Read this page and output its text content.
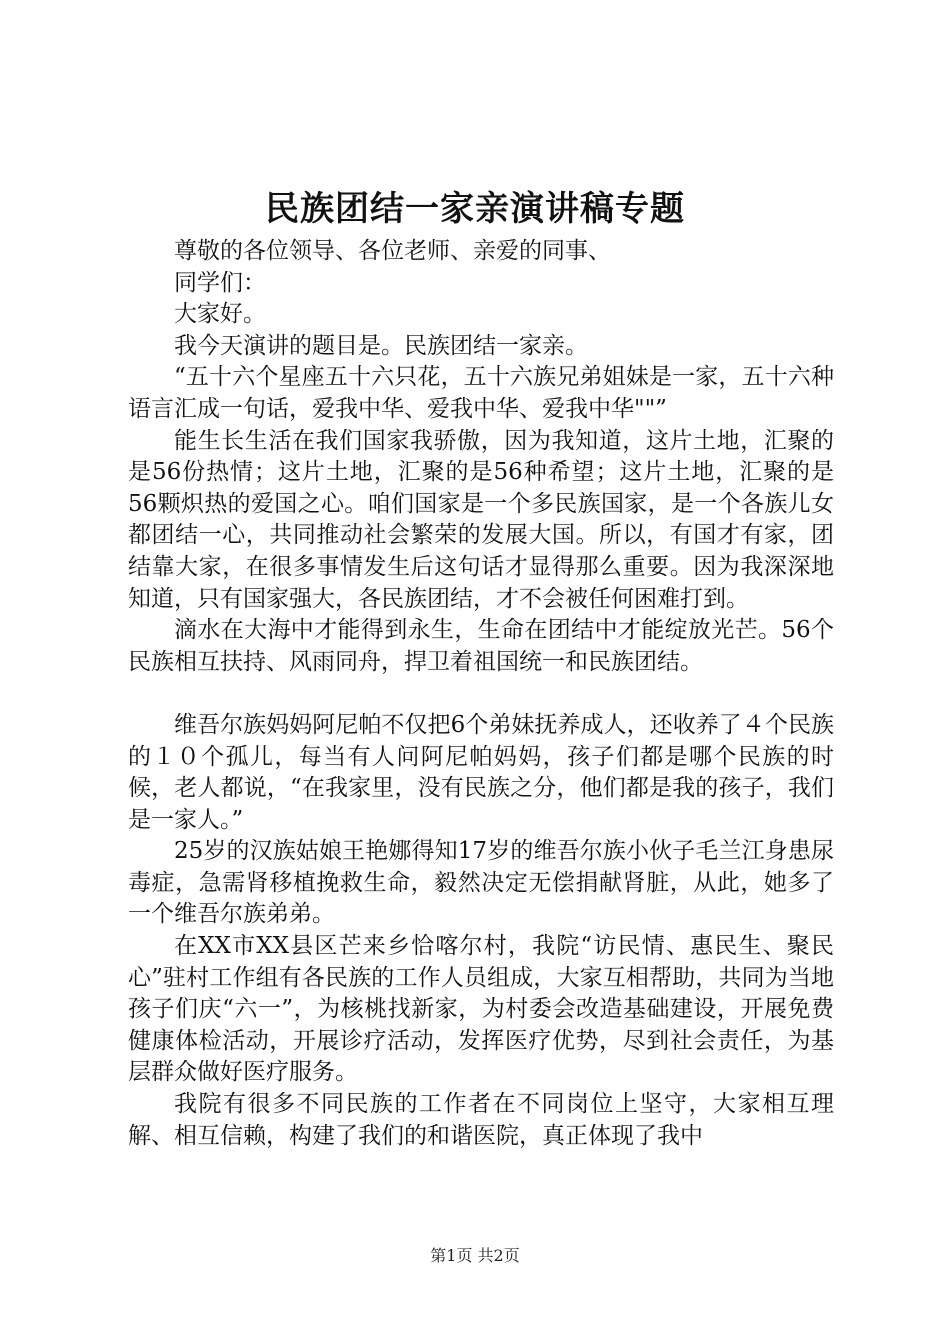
民族团结一家亲演讲稿专题

尊敬的各位领导、各位老师、亲爱的同事、

同学们：

大家好。

我今天演讲的题目是。民族团结一家亲。

“五十六个星座五十六只花，五十六族兄弟姐妹是一家，五十六种语言汇成一句话，爱我中华、爱我中华、爱我中华""”

能生长生活在我们国家我骄傲，因为我知道，这片土地，汇聚的是56份热情；这片土地，汇聚的是56种希望；这片土地，汇聚的是56颗炽热的爱国之心。咱们国家是一个多民族国家，是一个各族儿女都团结一心，共同推动社会繁荣的发展大国。所以，有国才有家，团结靠大家，在很多事情发生后这句话才显得那么重要。因为我深深地知道，只有国家强大，各民族团结，才不会被任何困难打到。

滴水在大海中才能得到永生，生命在团结中才能绽放光芒。56个民族相互扶持、风雨同舟，捍卫着祖国统一和民族团结。

维吾尔族妈妈阿尼帕不仅把6个弟妹抚养成人，还收养了４个民族的１０个孤儿，每当有人问阿尼帕妈妈，孩子们都是哪个民族的时候，老人都说，“在我家里，没有民族之分，他们都是我的孩子，我们是一家人。”

25岁的汉族姑娘王艳娜得知17岁的维吾尔族小伙子毛兰江身患尿毒症，急需肾移植挽救生命，毅然决定无偿捐献肾脏，从此，她多了一个维吾尔族弟弟。

在XX市XX县区芒来乡恰喀尔村，我院“访民情、惠民生、聚民心”驻村工作组有各民族的工作人员组成，大家互相帮助，共同为当地孩子们庆“六一”，为核桃找新家，为村委会改造基础建设，开展免费健康体检活动，开展诊疗活动，发挥医疗优势，尽到社会责任，为基层群众做好医疗服务。

我院有很多不同民族的工作者在不同岗位上坚守，大家相互理解、相互信赖，构建了我们的和谐医院，真正体现了我中

第1页 共2页
